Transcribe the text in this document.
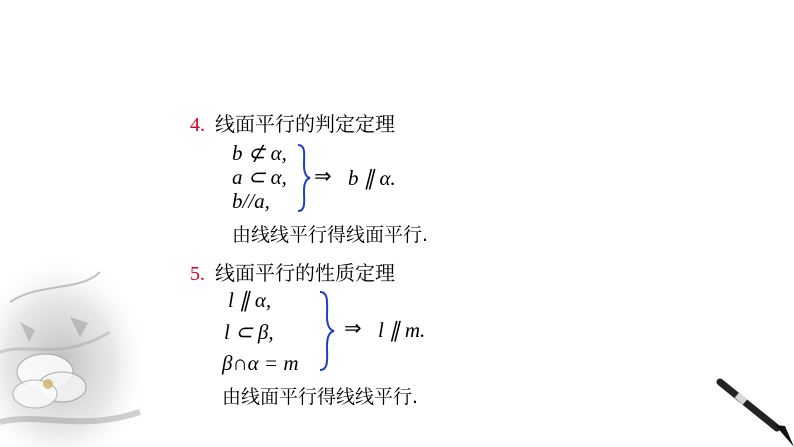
4. 线面平行的判定定理
b ⊄ α,
a ⊂ α,
b//a,
⇒ b ∥ α.
由线线平行得线面平行.
5. 线面平行的性质定理
l ∥ α,
l ⊂ β,
β∩α = m
⇒ l ∥ m.
由线面平行得线线平行.
